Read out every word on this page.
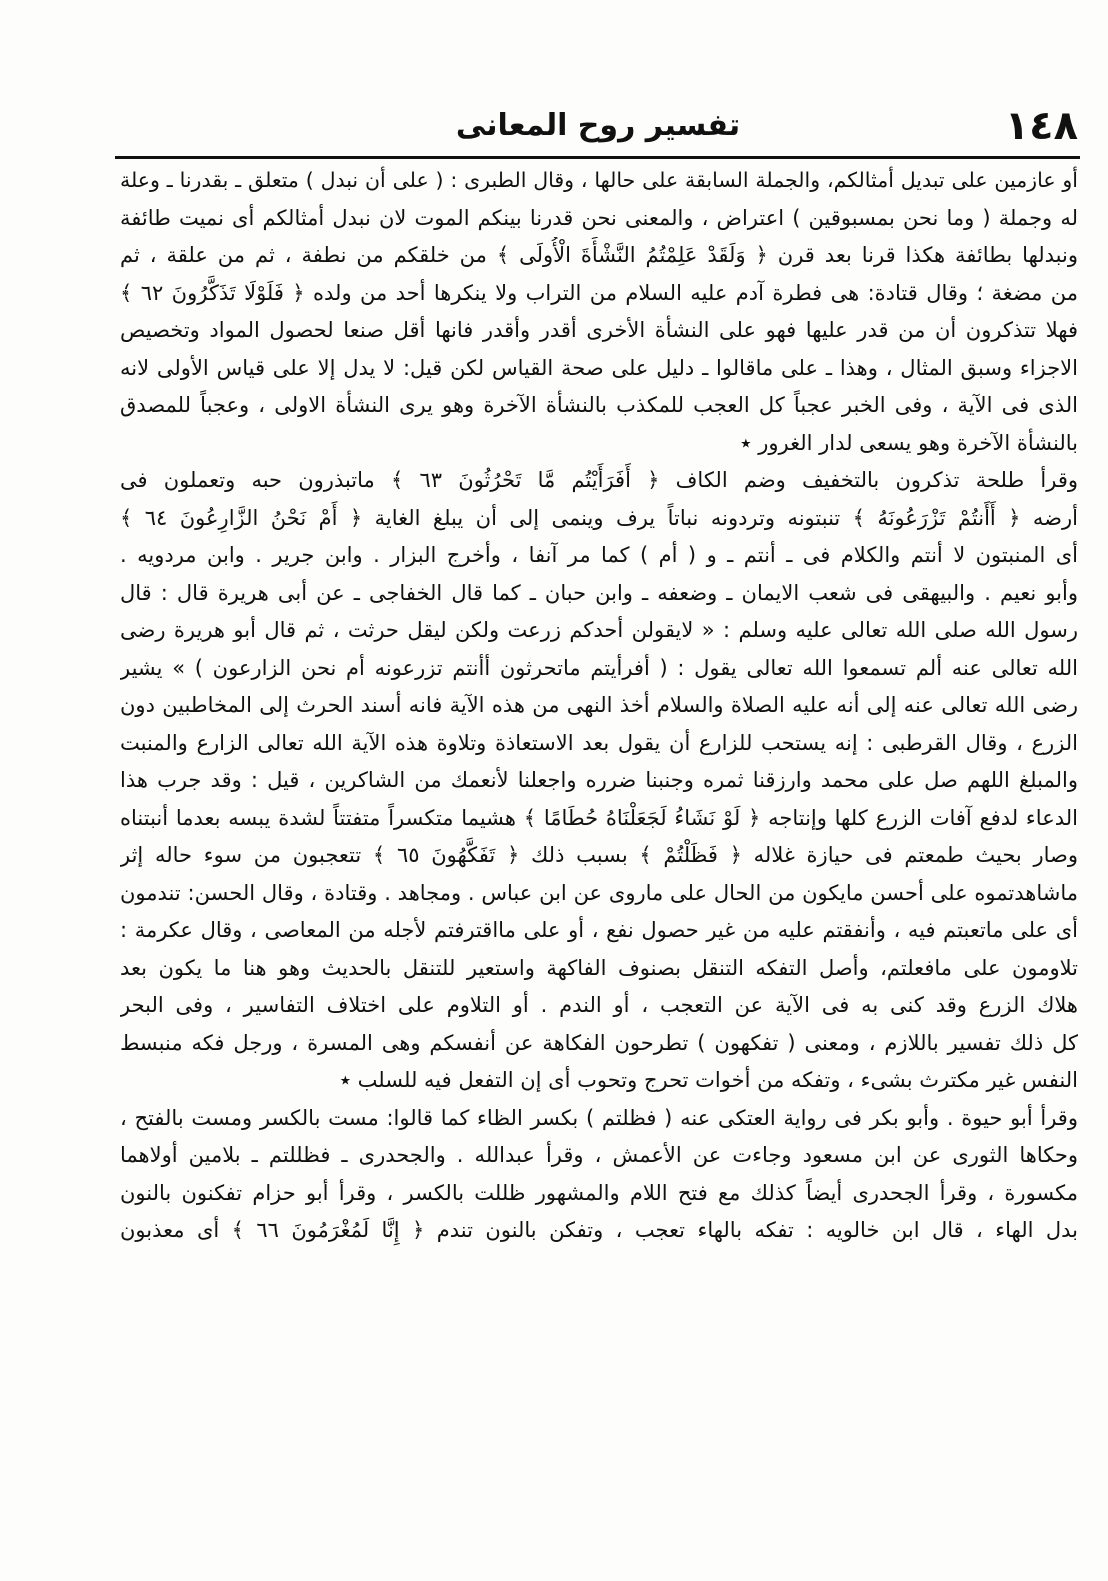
١٤٨
تفسير روح المعانى
أو عازمين على تبديل أمثالكم، والجملة السابقة على حالها ، وقال الطبرى : ( على أن نبدل ) متعلق ـ بقدرنا ـ وعلة
له وجملة ( وما نحن بمسبوقين ) اعتراض ، والمعنى نحن قدرنا بينكم الموت لان نبدل أمثالكم أى نميت طائفة
ونبدلها بطائفة هكذا قرنا بعد قرن ﴿ وَلَقَدْ عَلِمْتُمُ النَّشْأَةَ الْأُولَى ﴾ من خلقكم من نطفة ، ثم من علقة ، ثم
من مضغة ؛ وقال قتادة: هى فطرة آدم عليه السلام من التراب ولا ينكرها أحد من ولده ﴿ فَلَوْلَا تَذَكَّرُونَ ٦٢ ﴾
فهلا تتذكرون أن من قدر عليها فهو على النشأة الأخرى أقدر وأقدر فانها أقل صنعا لحصول المواد وتخصيص
الاجزاء وسبق المثال ، وهذا ـ على ماقالوا ـ دليل على صحة القياس لكن قيل: لا يدل إلا على قياس الأولى لانه
الذى فى الآية ، وفى الخبر عجباً كل العجب للمكذب بالنشأة الآخرة وهو يرى النشأة الاولى ، وعجباً للمصدق
بالنشأة الآخرة وهو يسعى لدار الغرور ٭
وقرأ طلحة تذكرون بالتخفيف وضم الكاف ﴿ أَفَرَأَيْتُم مَّا تَحْرُثُونَ ٦٣ ﴾ ماتبذرون حبه وتعملون فى
أرضه ﴿ أَأَنتُمْ تَزْرَعُونَهُ ﴾ تنبتونه وتردونه نباتاً يرف وينمى إلى أن يبلغ الغاية ﴿ أَمْ نَحْنُ الزَّارِعُونَ ٦٤ ﴾
أى المنبتون لا أنتم والكلام فى ـ أنتم ـ و ( أم ) كما مر آنفا ، وأخرج البزار . وابن جرير . وابن مردويه .
وأبو نعيم . والبيهقى فى شعب الايمان ـ وضعفه ـ وابن حبان ـ كما قال الخفاجى ـ عن أبى هريرة قال : قال
رسول الله صلى الله تعالى عليه وسلم : « لايقولن أحدكم زرعت ولكن ليقل حرثت ، ثم قال أبو هريرة رضى
الله تعالى عنه ألم تسمعوا الله تعالى يقول : ( أفرأيتم ماتحرثون أأنتم تزرعونه أم نحن الزارعون ) » يشير
رضى الله تعالى عنه إلى أنه عليه الصلاة والسلام أخذ النهى من هذه الآية فانه أسند الحرث إلى المخاطبين دون
الزرع ، وقال القرطبى : إنه يستحب للزارع أن يقول بعد الاستعاذة وتلاوة هذه الآية الله تعالى الزارع والمنبت
والمبلغ اللهم صل على محمد وارزقنا ثمره وجنبنا ضرره واجعلنا لأنعمك من الشاكرين ، قيل : وقد جرب هذا
الدعاء لدفع آفات الزرع كلها وإنتاجه ﴿ لَوْ نَشَاءُ لَجَعَلْنَاهُ حُطَامًا ﴾ هشيما متكسراً متفتتاً لشدة يبسه بعدما أنبتناه
وصار بحيث طمعتم فى حيازة غلاله ﴿ فَظَلْتُمْ ﴾ بسبب ذلك ﴿ تَفَكَّهُونَ ٦٥ ﴾ تتعجبون من سوء حاله إثر
ماشاهدتموه على أحسن مايكون من الحال على ماروى عن ابن عباس . ومجاهد . وقتادة ، وقال الحسن: تندمون
أى على ماتعبتم فيه ، وأنفقتم عليه من غير حصول نفع ، أو على مااقترفتم لأجله من المعاصى ، وقال عكرمة :
تلاومون على مافعلتم، وأصل التفكه التنقل بصنوف الفاكهة واستعير للتنقل بالحديث وهو هنا ما يكون بعد
هلاك الزرع وقد كنى به فى الآية عن التعجب ، أو الندم . أو التلاوم على اختلاف التفاسير ، وفى البحر
كل ذلك تفسير باللازم ، ومعنى ( تفكهون ) تطرحون الفكاهة عن أنفسكم وهى المسرة ، ورجل فكه منبسط
النفس غير مكترث بشىء ، وتفكه من أخوات تحرج وتحوب أى إن التفعل فيه للسلب ٭
وقرأ أبو حيوة . وأبو بكر فى رواية العتكى عنه ( فظلتم ) بكسر الظاء كما قالوا: مست بالكسر ومست بالفتح ،
وحكاها الثورى عن ابن مسعود وجاءت عن الأعمش ، وقرأ عبدالله . والجحدرى ـ فظللتم ـ بلامين أولاهما
مكسورة ، وقرأ الجحدرى أيضاً كذلك مع فتح اللام والمشهور ظللت بالكسر ، وقرأ أبو حزام تفكنون بالنون
بدل الهاء ، قال ابن خالويه : تفكه بالهاء تعجب ، وتفكن بالنون تندم ﴿ إِنَّا لَمُغْرَمُونَ ٦٦ ﴾ أى معذبون
